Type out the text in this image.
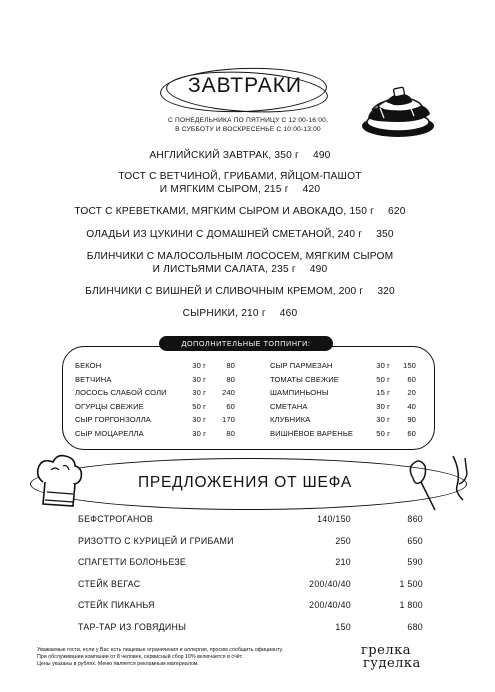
ЗАВТРАКИ
С ПОНЕДЕЛЬНИКА ПО ПЯТНИЦУ С 12:00-16:00,
В СУББОТУ И ВОСКРЕСЕНЬЕ С 10:00-13:00
АНГЛИЙСКИЙ ЗАВТРАК, 350 г 490
ТОСТ С ВЕТЧИНОЙ, ГРИБАМИ, ЯЙЦОМ-ПАШОТ
И МЯГКИМ СЫРОМ, 215 г 420
ТОСТ С КРЕВЕТКАМИ, МЯГКИМ СЫРОМ И АВОКАДО, 150 г 620
ОЛАДЬИ ИЗ ЦУКИНИ С ДОМАШНЕЙ СМЕТАНОЙ, 240 г 350
БЛИНЧИКИ С МАЛОСОЛЬНЫМ ЛОСОСЕМ, МЯГКИМ СЫРОМ
И ЛИСТЬЯМИ САЛАТА, 235 г 490
БЛИНЧИКИ С ВИШНЕЙ И СЛИВОЧНЫМ КРЕМОМ, 200 г 320
СЫРНИКИ, 210 г 460
ДОПОЛНИТЕЛЬНЫЕ ТОППИНГИ:
БЕКОН	30 г	80
ВЕТЧИНА	30 г	80
ЛОСОСЬ СЛАБОЙ СОЛИ	30 г	240
ОГУРЦЫ СВЕЖИЕ	50 г	60
СЫР ГОРГОНЗОЛЛА	30 г	170
СЫР МОЦАРЕЛЛА	30 г	80
СЫР ПАРМЕЗАН	30 г	150
ТОМАТЫ СВЕЖИЕ	50 г	60
ШАМПИНЬОНЫ	15 г	20
СМЕТАНА	30 г	40
КЛУБНИКА	30 г	90
ВИШНЁВОЕ ВАРЕНЬЕ	50 г	60
ПРЕДЛОЖЕНИЯ ОТ ШЕФА
БЕФСТРОГАНОВ	140/150	860
РИЗОТТО С КУРИЦЕЙ И ГРИБАМИ	250	650
СПАГЕТТИ БОЛОНЬЕЗЕ	210	590
СТЕЙК ВЕГАС	200/40/40	1 500
СТЕЙК ПИКАНЬЯ	200/40/40	1 800
ТАР-ТАР ИЗ ГОВЯДИНЫ	150	680
Уважаемые гости, если у Вас есть пищевые ограничения и аллергия, просим сообщить официанту.
При обслуживании компании от 8 человек, сервисный сбор 10% включается в счёт.
Цены указаны в рублях. Меню является рекламным материалом.
грелка
гуделка
